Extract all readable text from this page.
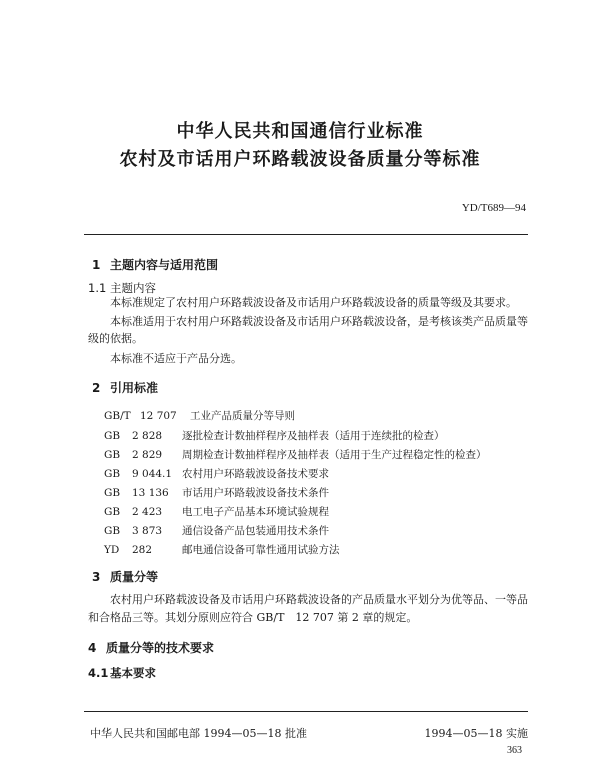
中华人民共和国通信行业标准
农村及市话用户环路载波设备质量分等标准
YD/T689—94
1 主题内容与适用范围
1.1 主题内容
本标准规定了农村用户环路载波设备及市话用户环路载波设备的质量等级及其要求。
本标准适用于农村用户环路载波设备及市话用户环路载波设备，是考核该类产品质量等
级的依据。
本标准不适应于产品分选。
2 引用标准
GB/T 12 707 工业产品质量分等导则
GB 2 828 逐批检查计数抽样程序及抽样表（适用于连续批的检查）
GB 2 829 周期检查计数抽样程序及抽样表（适用于生产过程稳定性的检查）
GB 9 044.1 农村用户环路载波设备技术要求
GB 13 136 市话用户环路载波设备技术条件
GB 2 423 电工电子产品基本环境试验规程
GB 3 873 通信设备产品包装通用技术条件
YD 282	邮电通信设备可靠性通用试验方法
3 质量分等
农村用户环路载波设备及市话用户环路载波设备的产品质量水平划分为优等品、一等品
和合格品三等。其划分原则应符合 GB/T　12 707 第 2 章的规定。
4 质量分等的技术要求
4.1 基本要求
中华人民共和国邮电部 1994—05—18 批准	1994—05—18 实施
363
